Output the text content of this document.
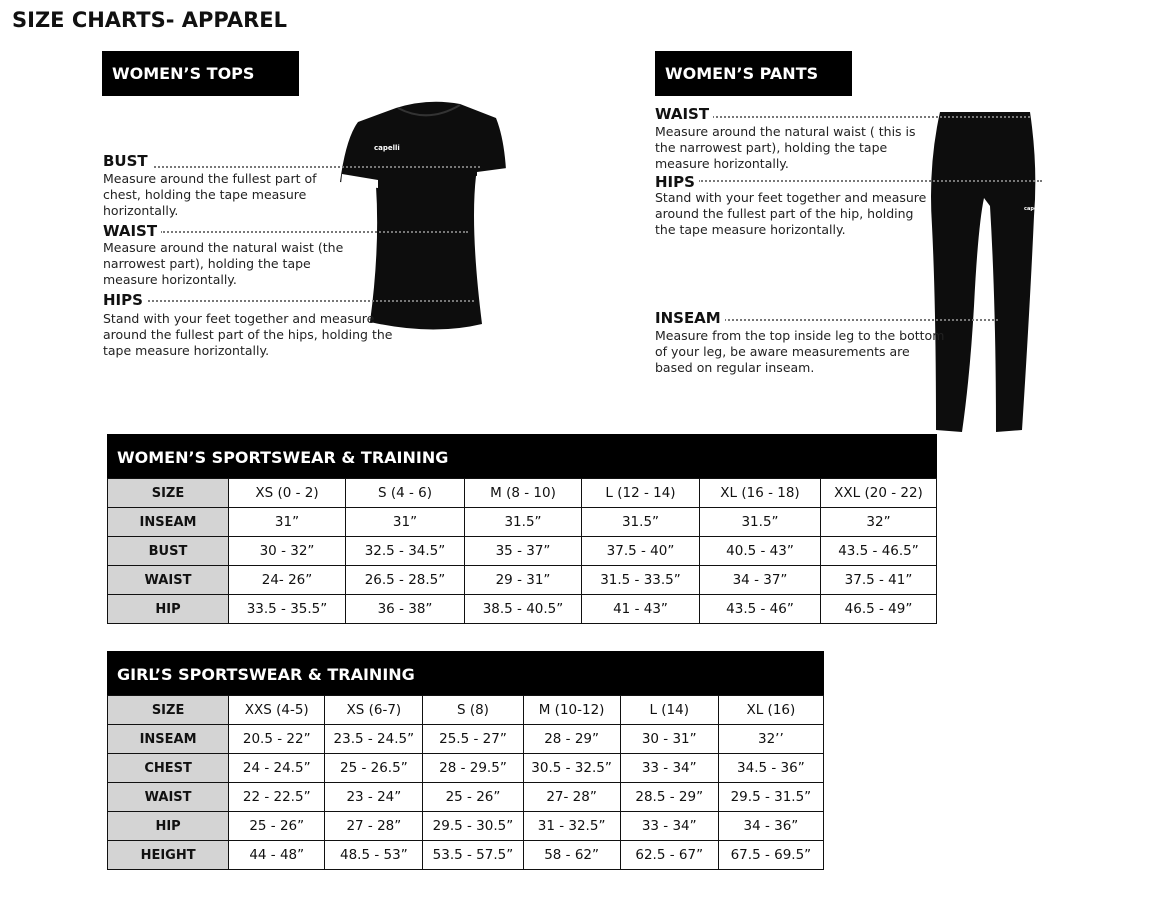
SIZE CHARTS- APPAREL
WOMEN’S TOPS
capelli
BUST
Measure around the fullest part of chest, holding the tape measure horizontally.
WAIST
Measure around the natural waist (the narrowest part), holding the tape measure horizontally.
HIPS
Stand with your feet together and measure around the fullest part of the hips, holding the tape measure horizontally.
WOMEN’S PANTS
capelli
WAIST
Measure around the natural waist ( this is the narrowest part), holding the tape measure horizontally.
HIPS
Stand with your feet together and measure around the fullest part of the hip, holding the tape measure horizontally.
INSEAM
Measure from the top inside leg to the bottom of your leg, be aware measurements are based on regular inseam.
WOMEN’S SPORTSWEAR & TRAINING
SIZE	XS (0 - 2)	S (4 - 6)	M (8 - 10)	L (12 - 14)	XL (16 - 18)	XXL (20 - 22)
INSEAM	31”	31”	31.5”	31.5”	31.5”	32”
BUST	30 - 32”	32.5 - 34.5”	35 - 37”	37.5 - 40”	40.5 - 43”	43.5 - 46.5”
WAIST	24- 26”	26.5 - 28.5”	29 - 31”	31.5 - 33.5”	34 - 37”	37.5 - 41”
HIP	33.5 - 35.5”	36 - 38”	38.5 - 40.5”	41 - 43”	43.5 - 46”	46.5 - 49”
GIRL’S SPORTSWEAR & TRAINING
SIZE	XXS (4-5)	XS (6-7)	S (8)	M (10-12)	L (14)	XL (16)
INSEAM	20.5 - 22”	23.5 - 24.5”	25.5 - 27”	28 - 29”	30 - 31”	32’’
CHEST	24 - 24.5”	25 - 26.5”	28 - 29.5”	30.5 - 32.5”	33 - 34”	34.5 - 36”
WAIST	22 - 22.5”	23 - 24”	25 - 26”	27- 28”	28.5 - 29”	29.5 - 31.5”
HIP	25 - 26”	27 - 28”	29.5 - 30.5”	31 - 32.5”	33 - 34”	34 - 36”
HEIGHT	44 - 48”	48.5 - 53”	53.5 - 57.5”	58 - 62”	62.5 - 67”	67.5 - 69.5”
